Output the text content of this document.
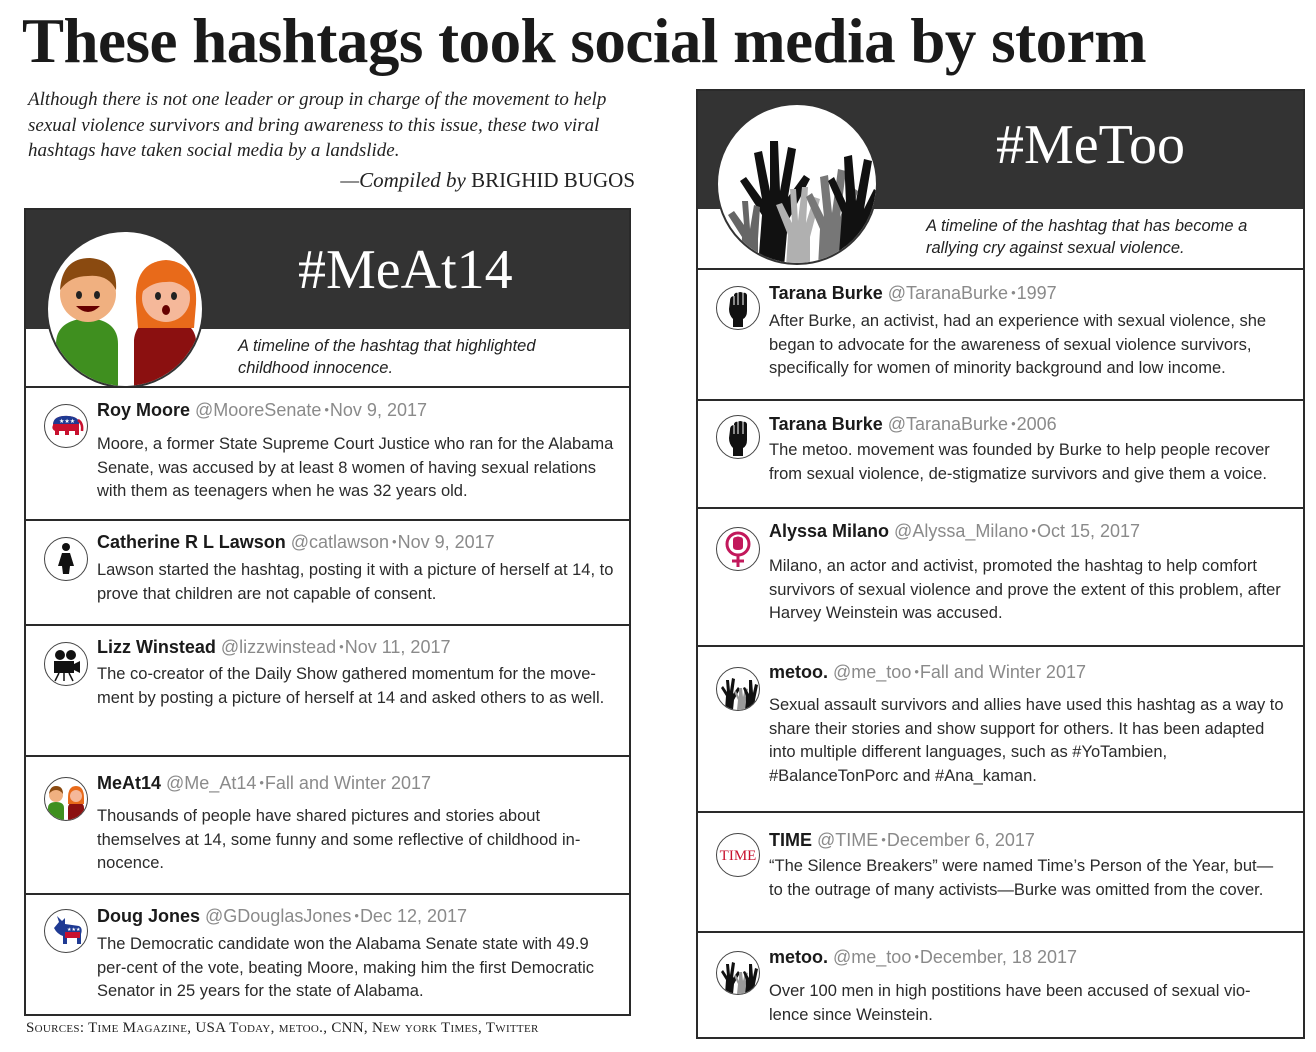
These hashtags took social media by storm
Although there is not one leader or group in charge of the movement to help sexual violence survivors and bring awareness to this issue, these two viral hashtags have taken social media by a landslide.
—Compiled by BRIGHID BUGOS
#MeAt14
A timeline of the hashtag that highlighted childhood innocence.
★★★
Roy Moore @MooreSenate •Nov 9, 2017
Moore, a former State Supreme Court Justice who ran for the Alabama Senate, was accused by at least 8 women of having sexual relations with them as teenagers when he was 32 years old.
Catherine R L Lawson @catlawson •Nov 9, 2017
Lawson started the hashtag, posting it with a picture of herself at 14, to prove that children are not capable of consent.
Lizz Winstead @lizzwinstead •Nov 11, 2017
The co-creator of the Daily Show gathered momentum for the move-ment by posting a picture of herself at 14 and asked others to as well.
MeAt14 @Me_At14 •Fall and Winter 2017
Thousands of people have shared pictures and stories about themselves at 14, some funny and some reflective of childhood in-nocence.
★★★
Doug Jones @GDouglasJones •Dec 12, 2017
The Democratic candidate won the Alabama Senate state with 49.9 per-cent of the vote, beating Moore, making him the first Democratic Senator in 25 years for the state of Alabama.
#MeToo
A timeline of the hashtag that has become a rallying cry against sexual violence.
Tarana Burke @TaranaBurke •1997
After Burke, an activist, had an experience with sexual violence, she began to advocate for the awareness of sexual violence survivors, specifically for women of minority background and low income.
Tarana Burke @TaranaBurke •2006
The metoo. movement was founded by Burke to help people recover from sexual violence, de-stigmatize survivors and give them a voice.
Alyssa Milano @Alyssa_Milano •Oct 15, 2017
Milano, an actor and activist, promoted the hashtag to help comfort survivors of sexual violence and prove the extent of this problem, after Harvey Weinstein was accused.
metoo. @me_too •Fall and Winter 2017
Sexual assault survivors and allies have used this hashtag as a way to share their stories and show support for others. It has been adapted into multiple different languages, such as #YoTambien, #BalanceTonPorc and #Ana_kaman.
TIME
TIME @TIME •December 6, 2017
“The Silence Breakers” were named Time’s Person of the Year, but— to the outrage of many activists—Burke was omitted from the cover.
metoo. @me_too •December, 18 2017
Over 100 men in high postitions have been accused of sexual vio-lence since Weinstein.
Sources: Time Magazine, USA Today, metoo., CNN, New york Times, Twitter
